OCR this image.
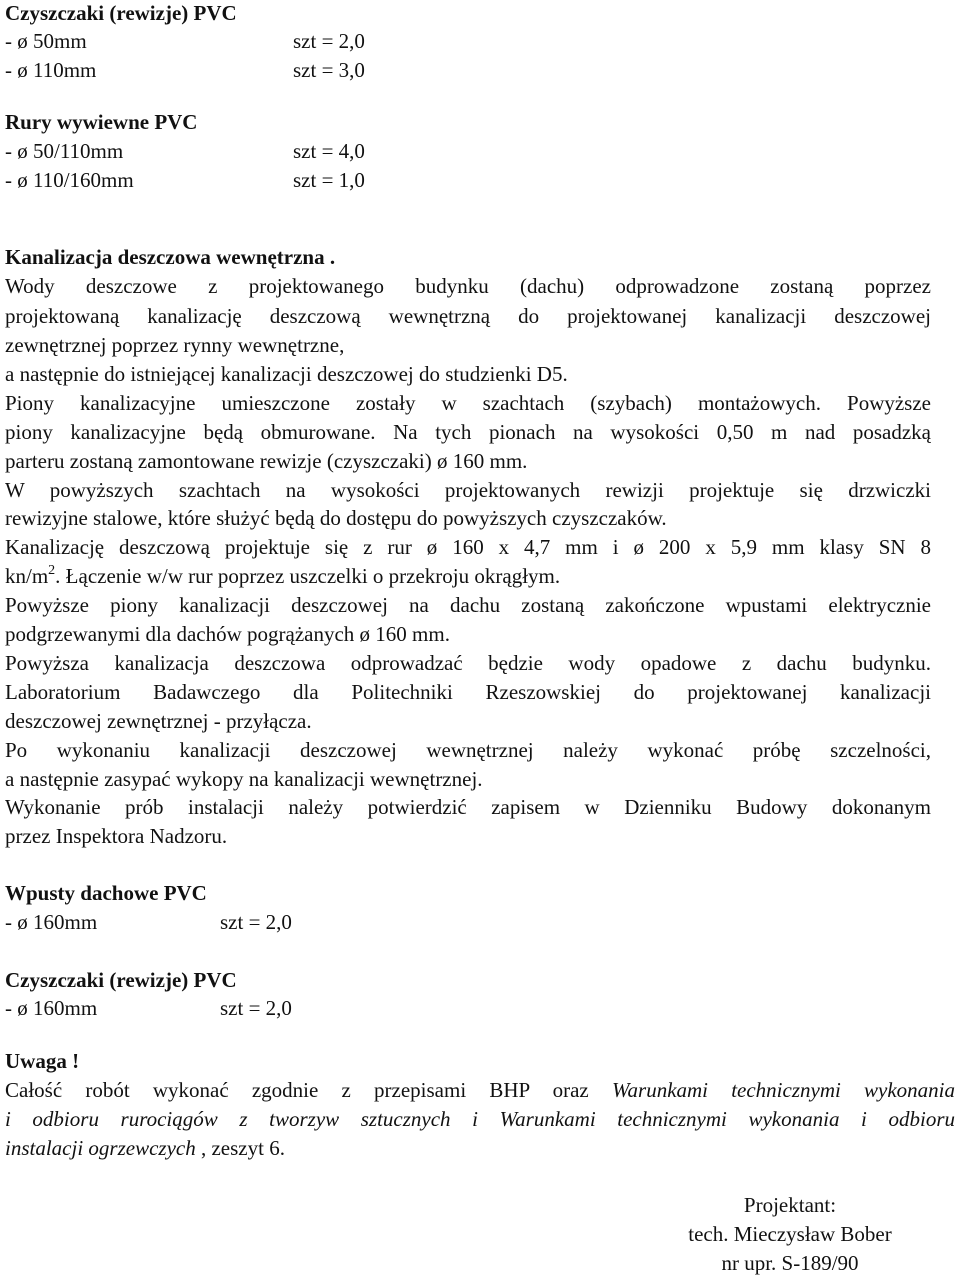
Czyszczaki (rewizje) PVC
- ø 50mm	szt = 2,0
- ø 110mm	szt = 3,0
Rury wywiewne PVC
- ø 50/110mm	szt = 4,0
- ø 110/160mm	szt = 1,0
Kanalizacja deszczowa wewnętrzna .
Wody deszczowe z projektowanego budynku (dachu) odprowadzone zostaną poprzez
projektowaną kanalizację deszczową wewnętrzną do projektowanej kanalizacji deszczowej
zewnętrznej poprzez rynny wewnętrzne,
a następnie do istniejącej kanalizacji deszczowej do studzienki D5.
Piony kanalizacyjne umieszczone zostały w szachtach (szybach) montażowych. Powyższe
piony kanalizacyjne będą obmurowane. Na tych pionach na wysokości 0,50 m nad posadzką
parteru zostaną zamontowane rewizje (czyszczaki) ø 160 mm.
W powyższych szachtach na wysokości projektowanych rewizji projektuje się drzwiczki
rewizyjne stalowe, które służyć będą do dostępu do powyższych czyszczaków.
Kanalizację deszczową projektuje się z rur ø 160 x 4,7 mm i ø 200 x 5,9 mm klasy SN 8
$kn/m^2$. Łączenie w/w rur poprzez uszczelki o przekroju okrągłym.
Powyższe piony kanalizacji deszczowej na dachu zostaną zakończone wpustami elektrycznie
podgrzewanymi dla dachów pogrążanych ø 160 mm.
Powyższa kanalizacja deszczowa odprowadzać będzie wody opadowe z dachu budynku.
Laboratorium Badawczego dla Politechniki Rzeszowskiej do projektowanej kanalizacji
deszczowej zewnętrznej - przyłącza.
Po wykonaniu kanalizacji deszczowej wewnętrznej należy wykonać próbę szczelności,
a następnie zasypać wykopy na kanalizacji wewnętrznej.
Wykonanie prób instalacji należy potwierdzić zapisem w Dzienniku Budowy dokonanym
przez Inspektora Nadzoru.
Wpusty dachowe PVC
- ø 160mm	szt = 2,0
Czyszczaki (rewizje) PVC
- ø 160mm	szt = 2,0
Uwaga !
Całość robót wykonać zgodnie z przepisami BHP oraz Warunkami technicznymi wykonania
i odbioru rurociągów z tworzyw sztucznych i Warunkami technicznymi wykonania i odbioru
instalacji ogrzewczych , zeszyt 6.
Projektant:
tech. Mieczysław Bober
nr upr. S-189/90
